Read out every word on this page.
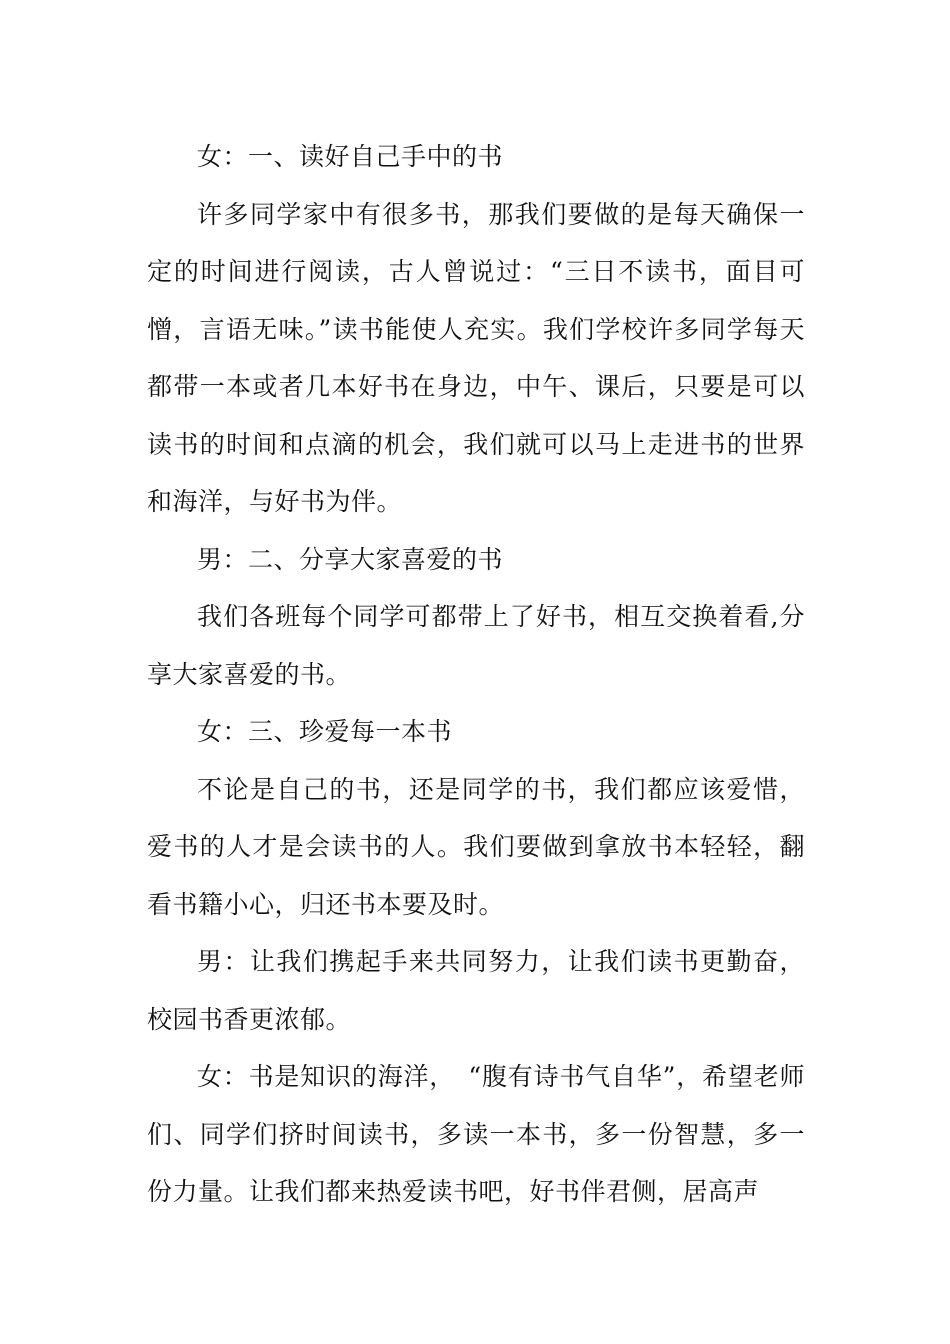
女：一、读好自己手中的书

许多同学家中有很多书，那我们要做的是每天确保一定的时间进行阅读，古人曾说过：“三日不读书，面目可憎，言语无味。”读书能使人充实。我们学校许多同学每天都带一本或者几本好书在身边，中午、课后，只要是可以读书的时间和点滴的机会，我们就可以马上走进书的世界和海洋，与好书为伴。

男：二、分享大家喜爱的书

我们各班每个同学可都带上了好书，相互交换着看,分享大家喜爱的书。

女：三、珍爱每一本书

不论是自己的书，还是同学的书，我们都应该爱惜，爱书的人才是会读书的人。我们要做到拿放书本轻轻，翻看书籍小心，归还书本要及时。

男：让我们携起手来共同努力，让我们读书更勤奋，校园书香更浓郁。

女：书是知识的海洋，　“腹有诗书气自华”，希望老师们、同学们挤时间读书，多读一本书，多一份智慧，多一份力量。让我们都来热爱读书吧，好书伴君侧，居高声
